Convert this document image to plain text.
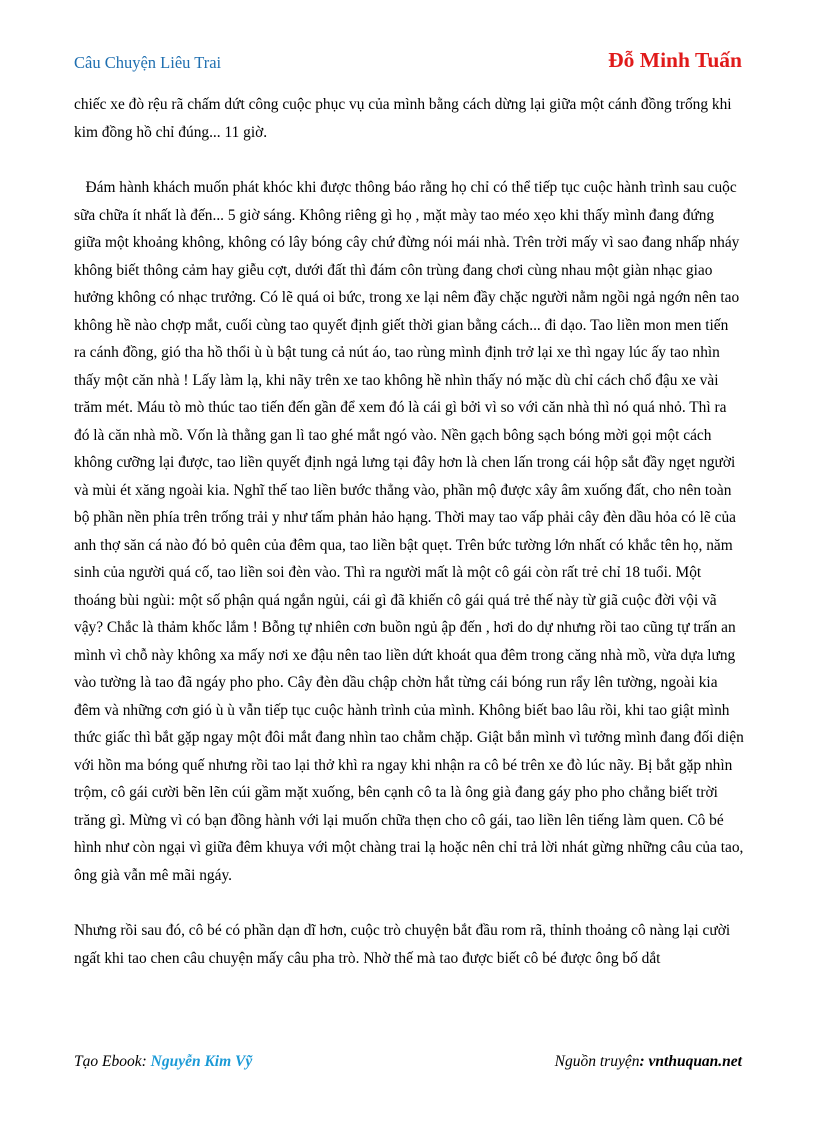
Câu Chuyện Liêu Trai	Đỗ Minh Tuấn

chiếc xe đò rệu rã chấm dứt công cuộc phục vụ của mình bằng cách dừng lại giữa một cánh đồng trống khi kim đồng hồ chỉ đúng... 11 giờ.

Đám hành khách muốn phát khóc khi được thông báo rằng họ chỉ có thể tiếp tục cuộc hành trình sau cuộc sữa chữa ít nhất là đến... 5 giờ sáng. Không riêng gì họ , mặt mày tao méo xẹo khi thấy mình đang đứng giữa một khoảng không, không có lây bóng cây chứ đừng nói mái nhà. Trên trời mấy vì sao đang nhấp nháy không biết thông cảm hay giễu cợt, dưới đất thì đám côn trùng đang chơi cùng nhau một giàn nhạc giao hưởng không có nhạc trưởng. Có lẽ quá oi bức, trong xe lại nêm đầy chặc người nằm ngồi ngả ngớn nên tao không hề nào chợp mắt, cuối cùng tao quyết định giết thời gian bằng cách... đi dạo. Tao liền mon men tiến ra cánh đồng, gió tha hồ thổi ù ù bật tung cả nút áo, tao rùng mình định trở lại xe thì ngay lúc ấy tao nhìn thấy một căn nhà ! Lấy làm lạ, khi nãy trên xe tao không hề nhìn thấy nó mặc dù chỉ cách chổ đậu xe vài trăm mét. Máu tò mò thúc tao tiến đến gần để xem đó là cái gì bởi vì so với căn nhà thì nó quá nhỏ. Thì ra đó là căn nhà mồ. Vốn là thằng gan lì tao ghé mắt ngó vào. Nền gạch bông sạch bóng mời gọi một cách không cưỡng lại được, tao liền quyết định ngả lưng tại đây hơn là chen lấn trong cái hộp sắt đầy ngẹt người và mùi ét xăng ngoài kia. Nghĩ thế tao liền bước thẳng vào, phần mộ được xây âm xuống đất, cho nên toàn bộ phần nền phía trên trống trải y như tấm phản hảo hạng. Thời may tao vấp phải cây đèn dầu hỏa có lẽ của anh thợ săn cá nào đó bỏ quên của đêm qua, tao liền bật quẹt. Trên bức tường lớn nhất có khắc tên họ, năm sinh của người quá cố, tao liền soi đèn vào. Thì ra người mất là một cô gái còn rất trẻ chỉ 18 tuổi. Một thoáng bùi ngùi: một số phận quá ngắn ngủi, cái gì đã khiến cô gái quá trẻ thế này từ giã cuộc đời vội vã vậy? Chắc là thảm khốc lắm ! Bỗng tự nhiên cơn buồn ngủ ập đến , hơi do dự nhưng rồi tao cũng tự trấn an mình vì chỗ này không xa mấy nơi xe đậu nên tao liền dứt khoát qua đêm trong căng nhà mồ, vừa dựa lưng vào tường là tao đã ngáy pho pho. Cây đèn dầu chập chờn hắt từng cái bóng run rẩy lên tường, ngoài kia đêm và những cơn gió ù ù vẫn tiếp tục cuộc hành trình của mình. Không biết bao lâu rồi, khi tao giật mình thức giấc thì bắt gặp ngay một đôi mắt đang nhìn tao chằm chặp. Giật bắn mình vì tưởng mình đang đối diện với hồn ma bóng quế nhưng rồi tao lại thở khì ra ngay khi nhận ra cô bé trên xe đò lúc nãy. Bị bắt gặp nhìn trộm, cô gái cười bẽn lẽn cúi gầm mặt xuống, bên cạnh cô ta là ông già đang gáy pho pho chẳng biết trời trăng gì. Mừng vì có bạn đồng hành với lại muốn chữa thẹn cho cô gái, tao liền lên tiếng làm quen. Cô bé hình như còn ngại vì giữa đêm khuya với một chàng trai lạ hoặc nên chỉ trả lời nhát gừng những câu của tao, ông già vẫn mê mãi ngáy.

Nhưng rồi sau đó, cô bé có phần dạn dĩ hơn, cuộc trò chuyện bắt đầu rom rã, thỉnh thoảng cô nàng lại cười ngất khi tao chen câu chuyện mấy câu pha trò. Nhờ thế mà tao được biết cô bé được ông bố dắt

Tạo Ebook: Nguyễn Kim Vỹ	Nguồn truyện: vnthuquan.net
